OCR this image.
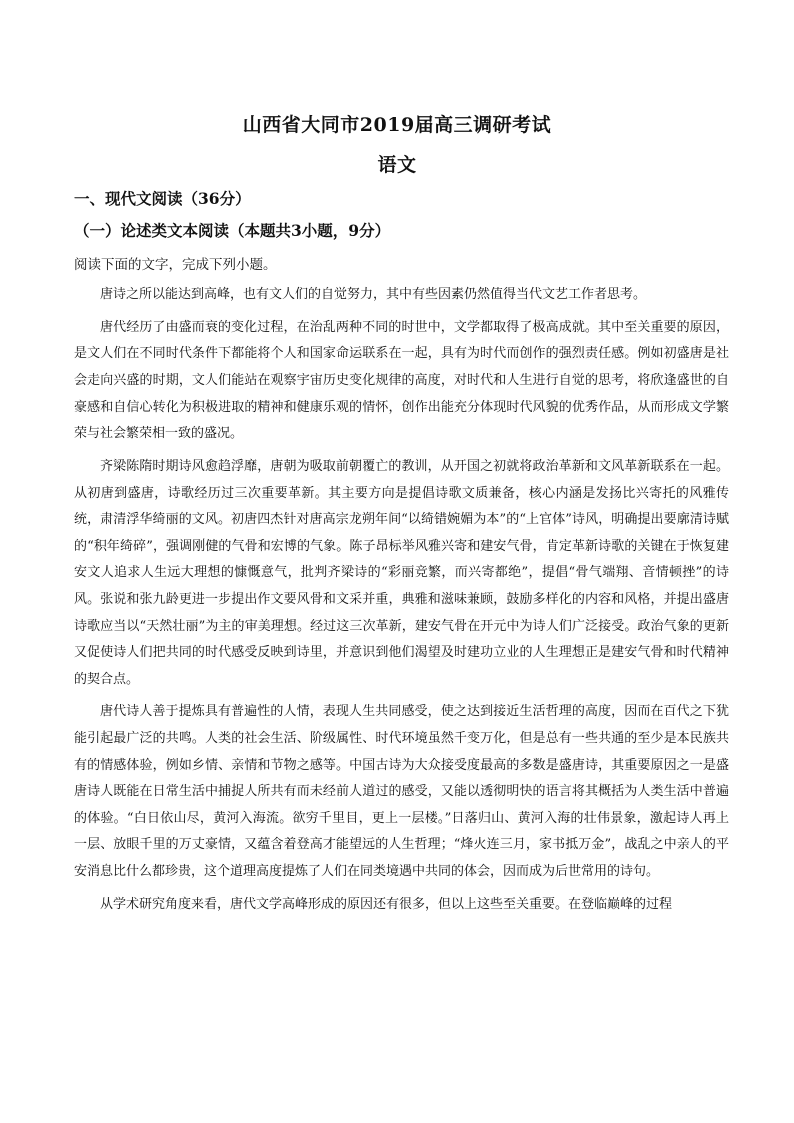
山西省大同市2019届高三调研考试
语文
一、现代文阅读（36分）
（一）论述类文本阅读（本题共3小题，9分）
阅读下面的文字，完成下列小题。

唐诗之所以能达到高峰，也有文人们的自觉努力，其中有些因素仍然值得当代文艺工作者思考。

唐代经历了由盛而衰的变化过程，在治乱两种不同的时世中，文学都取得了极高成就。其中至关重要的原因，是文人们在不同时代条件下都能将个人和国家命运联系在一起，具有为时代而创作的强烈责任感。例如初盛唐是社会走向兴盛的时期，文人们能站在观察宇宙历史变化规律的高度，对时代和人生进行自觉的思考，将欣逢盛世的自豪感和自信心转化为积极进取的精神和健康乐观的情怀，创作出能充分体现时代风貌的优秀作品，从而形成文学繁荣与社会繁荣相一致的盛况。

齐梁陈隋时期诗风愈趋浮靡，唐朝为吸取前朝覆亡的教训，从开国之初就将政治革新和文风革新联系在一起。从初唐到盛唐，诗歌经历过三次重要革新。其主要方向是提倡诗歌文质兼备，核心内涵是发扬比兴寄托的风雅传统，肃清浮华绮丽的文风。初唐四杰针对唐高宗龙朔年间“以绮错婉媚为本”的“上官体”诗风，明确提出要廓清诗赋的“积年绮碎”，强调刚健的气骨和宏博的气象。陈子昂标举风雅兴寄和建安气骨，肯定革新诗歌的关键在于恢复建安文人追求人生远大理想的慷慨意气，批判齐梁诗的“彩丽竞繁，而兴寄都绝”，提倡“骨气端翔、音情顿挫”的诗风。张说和张九龄更进一步提出作文要风骨和文采并重，典雅和滋味兼顾，鼓励多样化的内容和风格，并提出盛唐诗歌应当以“天然壮丽”为主的审美理想。经过这三次革新，建安气骨在开元中为诗人们广泛接受。政治气象的更新又促使诗人们把共同的时代感受反映到诗里，并意识到他们渴望及时建功立业的人生理想正是建安气骨和时代精神的契合点。

唐代诗人善于提炼具有普遍性的人情，表现人生共同感受，使之达到接近生活哲理的高度，因而在百代之下犹能引起最广泛的共鸣。人类的社会生活、阶级属性、时代环境虽然千变万化，但是总有一些共通的至少是本民族共有的情感体验，例如乡情、亲情和节物之感等。中国古诗为大众接受度最高的多数是盛唐诗，其重要原因之一是盛唐诗人既能在日常生活中捕捉人所共有而未经前人道过的感受，又能以透彻明快的语言将其概括为人类生活中普遍的体验。“白日依山尽，黄河入海流。欲穷千里目，更上一层楼。”日落归山、黄河入海的壮伟景象，激起诗人再上一层、放眼千里的万丈豪情，又蕴含着登高才能望远的人生哲理；“烽火连三月，家书抵万金”，战乱之中亲人的平安消息比什么都珍贵，这个道理高度提炼了人们在同类境遇中共同的体会，因而成为后世常用的诗句。

从学术研究角度来看，唐代文学高峰形成的原因还有很多，但以上这些至关重要。在登临巅峰的过程
